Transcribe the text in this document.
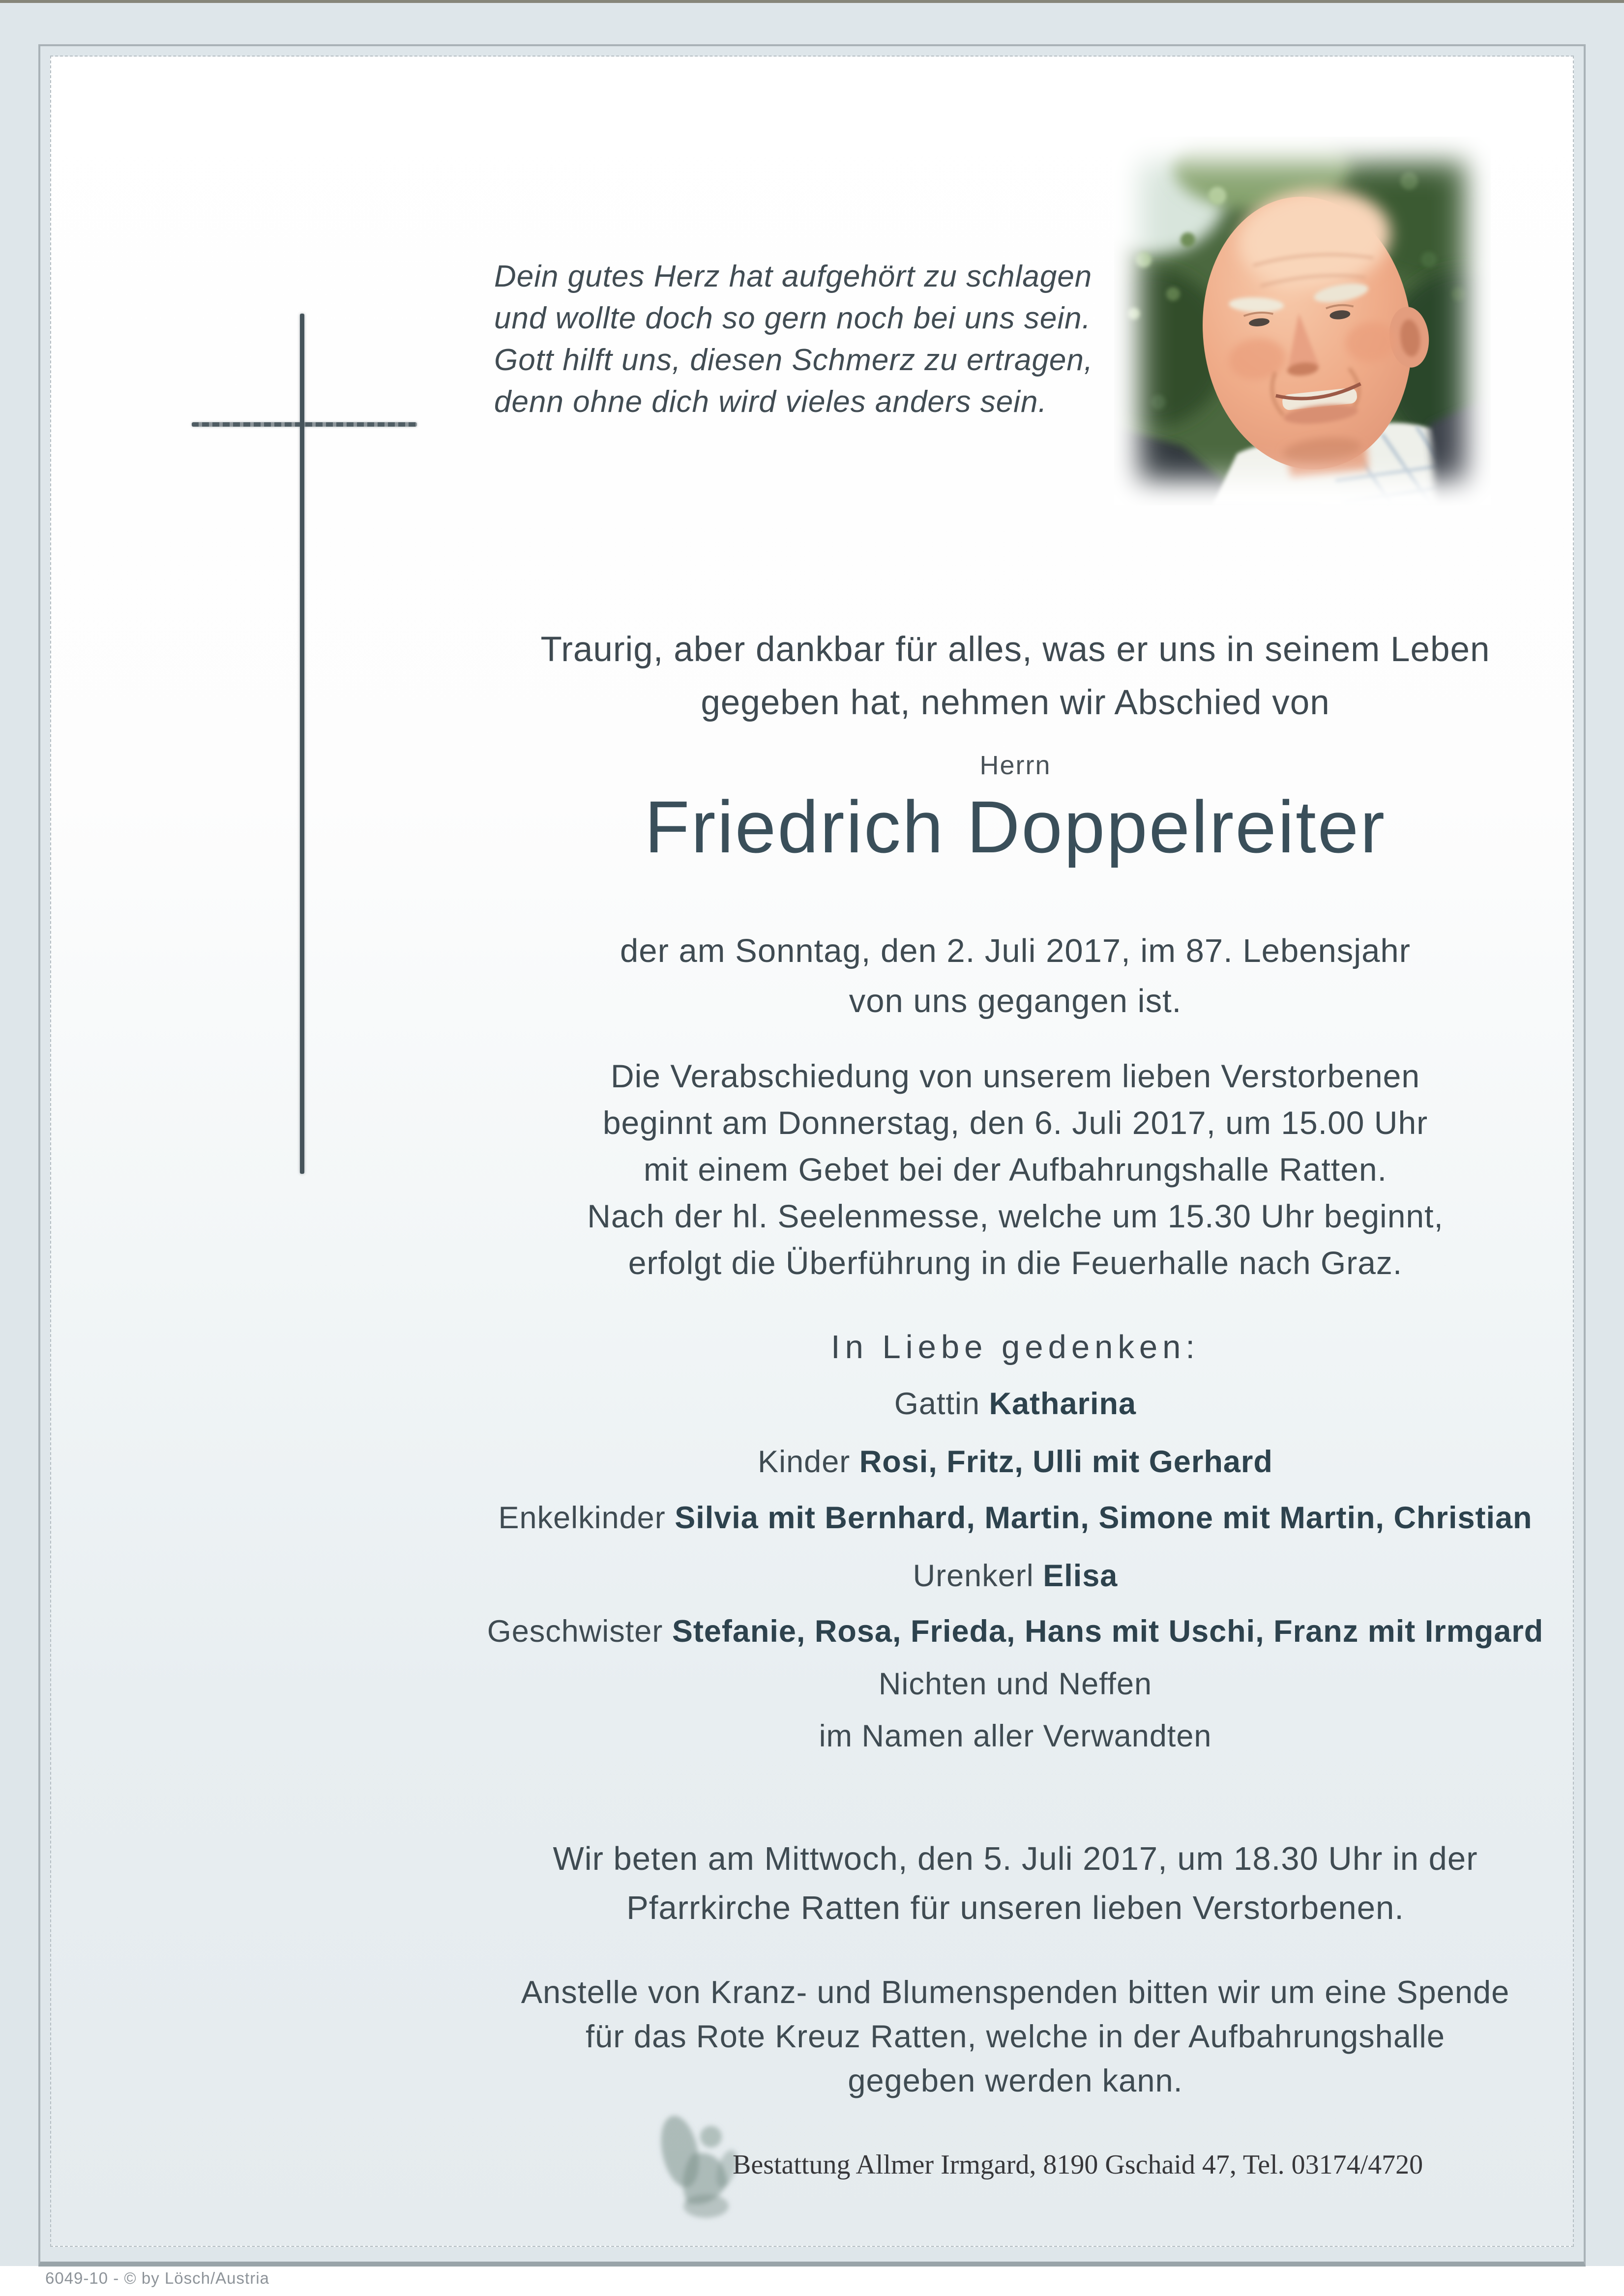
Dein gutes Herz hat aufgehört zu schlagen
und wollte doch so gern noch bei uns sein.
Gott hilft uns, diesen Schmerz zu ertragen,
denn ohne dich wird vieles anders sein.
Traurig, aber dankbar für alles, was er uns in seinem Leben
gegeben hat, nehmen wir Abschied von
Herrn
Friedrich Doppelreiter
der am Sonntag, den 2. Juli 2017, im 87. Lebensjahr
von uns gegangen ist.
Die Verabschiedung von unserem lieben Verstorbenen
beginnt am Donnerstag, den 6. Juli 2017, um 15.00 Uhr
mit einem Gebet bei der Aufbahrungshalle Ratten.
Nach der hl. Seelenmesse, welche um 15.30 Uhr beginnt,
erfolgt die Überführung in die Feuerhalle nach Graz.
In Liebe gedenken:
Gattin Katharina
Kinder Rosi, Fritz, Ulli mit Gerhard
Enkelkinder Silvia mit Bernhard, Martin, Simone mit Martin, Christian
Urenkerl Elisa
Geschwister Stefanie, Rosa, Frieda, Hans mit Uschi, Franz mit Irmgard
Nichten und Neffen
im Namen aller Verwandten
Wir beten am Mittwoch, den 5. Juli 2017, um 18.30 Uhr in der
Pfarrkirche Ratten für unseren lieben Verstorbenen.
Anstelle von Kranz- und Blumenspenden bitten wir um eine Spende
für das Rote Kreuz Ratten, welche in der Aufbahrungshalle
gegeben werden kann.
Bestattung Allmer Irmgard, 8190 Gschaid 47, Tel. 03174/4720
6049-10 - © by Lösch/Austria
